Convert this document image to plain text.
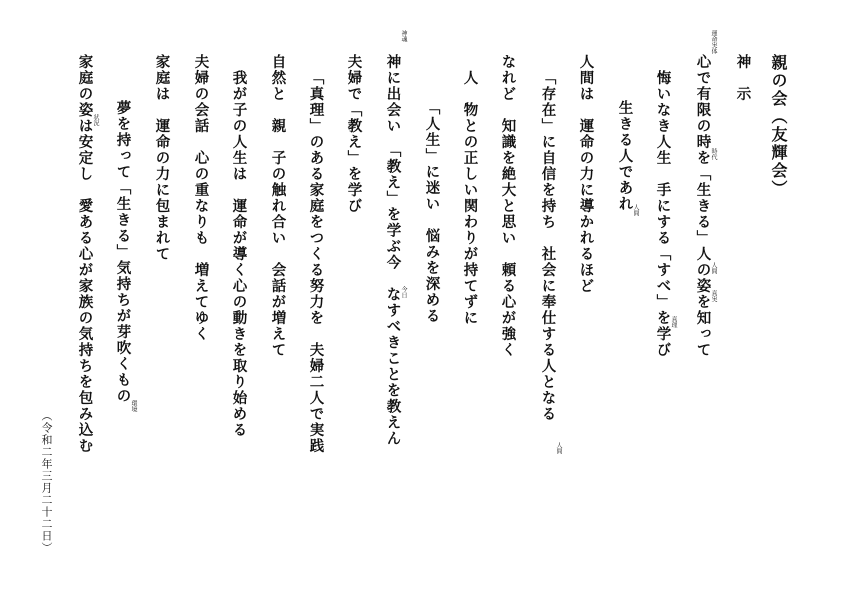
親の会（友輝会）
神　示
心で有限の時を「生きる」人の姿を知って
悔いなき人生　手にする「すべ」を学び
生きる人であれ
人間は　運命の力に導かれるほど
「存在」に自信を持ち　社会に奉仕する人となる
なれど　知識を絶大と思い　頼る心が強く
人　物との正しい関わりが持てずに
「人生」に迷い　悩みを深める
神に出会い　「教え」を学ぶ今　なすべきことを教えん
夫婦で「教え」を学び
「真理」のある家庭をつくる努力を　夫婦二人で実践
自然と　親　子の触れ合い　会話が増えて
我が子の人生は　運命が導く心の動きを取り始める
夫婦の会話　心の重なりも　増えてゆく
家庭は　運命の力に包まれて
夢を持って「生きる」気持ちが芽吹くもの
家庭の姿は安定し　愛ある心が家族の気持ちを包み込む
（令和二年三月二十二日）
運命実体
時代
人間
真実
真理
人間
人間
神魂
今日
環境
状況
